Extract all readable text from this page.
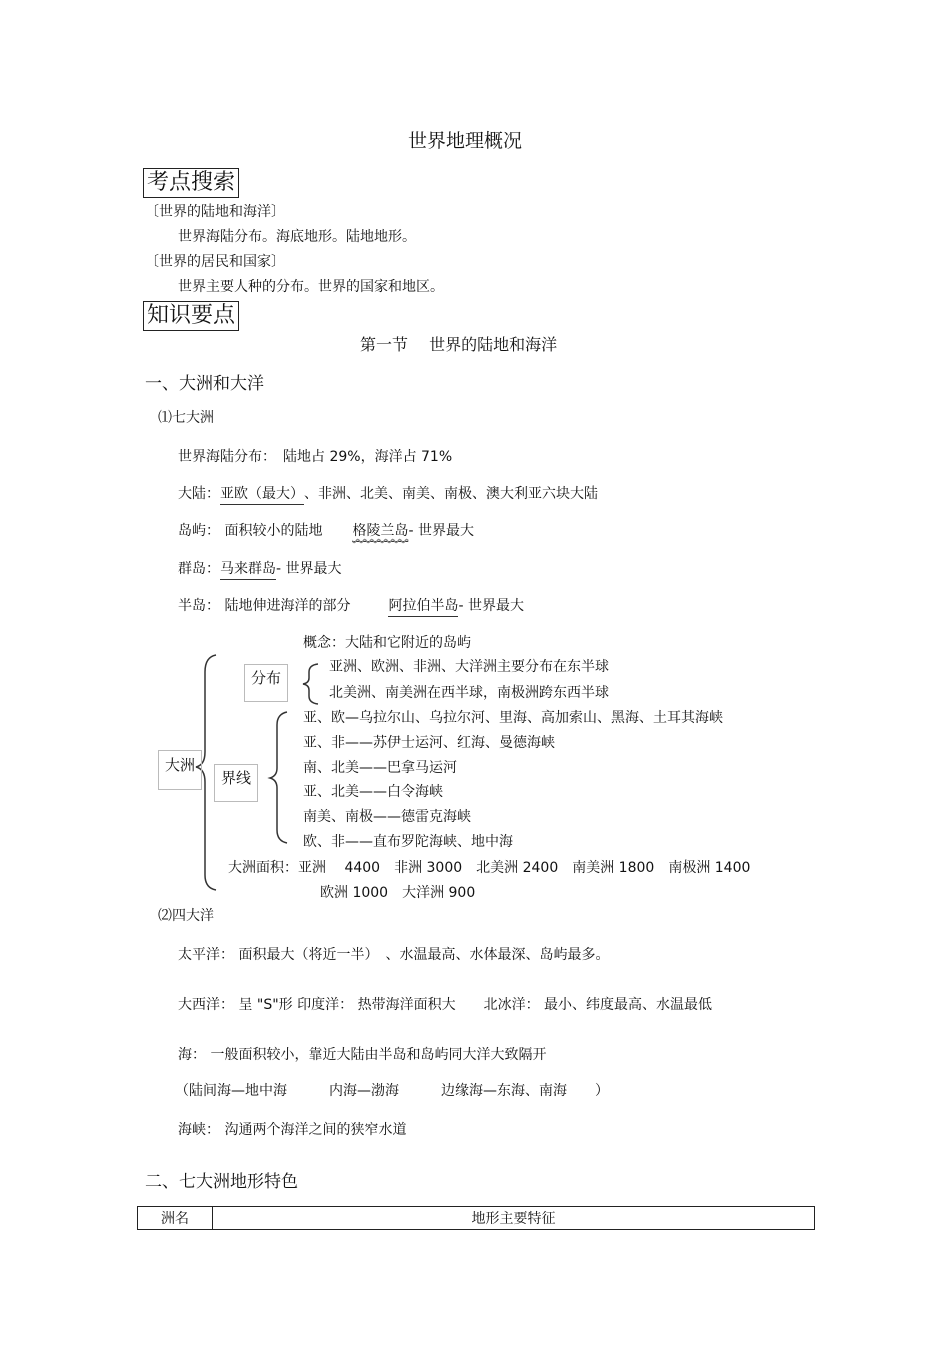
世界地理概况
考点搜索
〔世界的陆地和海洋〕
世界海陆分布。海底地形。陆地地形。
〔世界的居民和国家〕
世界主要人种的分布。世界的国家和地区。
知识要点
第一节　 世界的陆地和海洋
一、大洲和大洋
⑴七大洲
世界海陆分布：　陆地占 29%，海洋占 71%
大陆：亚欧（最大）、非洲、北美、南美、南极、澳大利亚六块大陆
岛屿： 面积较小的陆地 格陵兰岛- 世界最大
群岛：马来群岛- 世界最大
半岛： 陆地伸进海洋的部分	阿拉伯半岛- 世界最大
大洲
分布
界线
概念：大陆和它附近的岛屿
亚洲、欧洲、非洲、大洋洲主要分布在东半球
北美洲、南美洲在西半球，南极洲跨东西半球
亚、欧—乌拉尔山、乌拉尔河、里海、高加索山、黑海、土耳其海峡
亚、非——苏伊士运河、红海、曼德海峡
南、北美——巴拿马运河
亚、北美——白令海峡
南美、南极——德雷克海峡
欧、非——直布罗陀海峡、地中海
大洲面积：亚洲　 4400　非洲 3000　北美洲 2400　南美洲 1800　南极洲 1400
欧洲 1000　大洋洲 900
⑵四大洋
太平洋： 面积最大（将近一半）　、水温最高、水体最深、岛屿最多。
大西洋： 呈 "S"形 印度洋： 热带海洋面积大　　北冰洋： 最小、纬度最高、水温最低
海： 一般面积较小，靠近大陆由半岛和岛屿同大洋大致隔开
（陆间海—地中海　　　内海—渤海　　　边缘海—东海、南海　　）
海峡： 沟通两个海洋之间的狭窄水道
二、七大洲地形特色
洲名	地形主要特征
